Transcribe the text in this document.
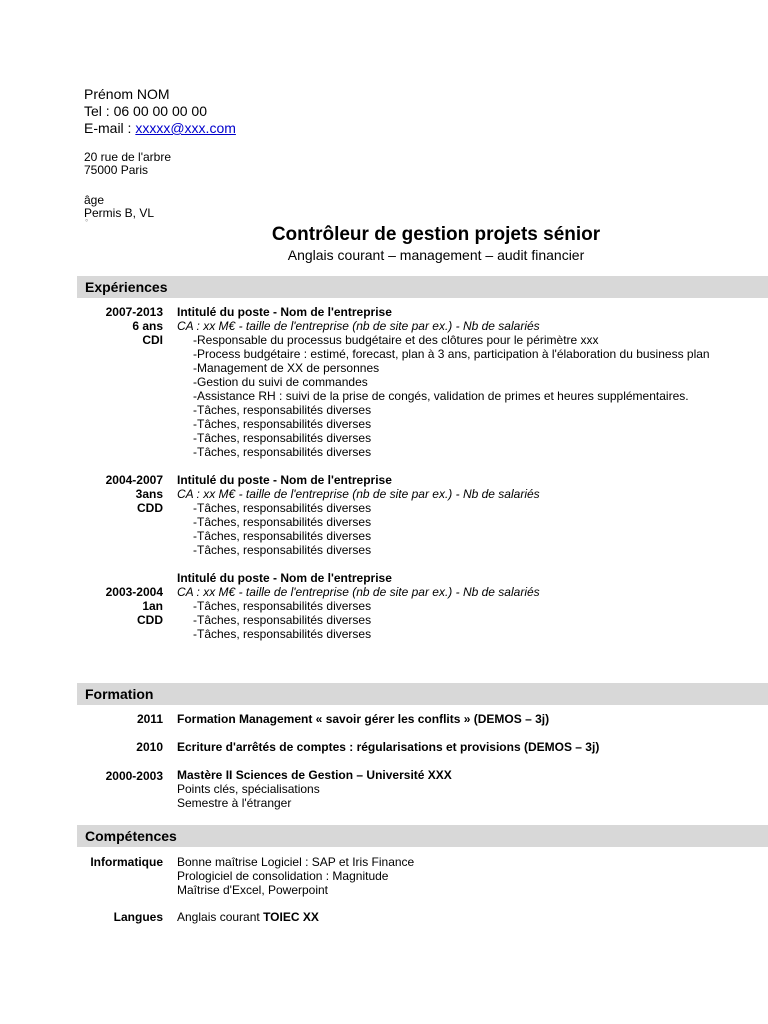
Prénom NOM
Tel : 06 00 00 00 00
E-mail : xxxxx@xxx.com
20 rue de l'arbre
75000 Paris
âge
Permis B, VL
°
Contrôleur de gestion projets sénior
Anglais courant – management – audit financier
Expériences
2007-2013
6 ans
CDI
Intitulé du poste - Nom de l'entreprise
CA : xx M€ - taille de l'entreprise (nb de site par ex.) - Nb de salariés
-Responsable du processus budgétaire et des clôtures pour le périmètre xxx
-Process budgétaire : estimé, forecast, plan à 3 ans, participation à l'élaboration du business plan
-Management de XX de personnes
-Gestion du suivi de commandes
-Assistance RH : suivi de la prise de congés, validation de primes et heures supplémentaires.
-Tâches, responsabilités diverses
-Tâches, responsabilités diverses
-Tâches, responsabilités diverses
-Tâches, responsabilités diverses
2004-2007
3ans
CDD
Intitulé du poste - Nom de l'entreprise
CA : xx M€ - taille de l'entreprise (nb de site par ex.) - Nb de salariés
-Tâches, responsabilités diverses
-Tâches, responsabilités diverses
-Tâches, responsabilités diverses
-Tâches, responsabilités diverses
2003-2004
1an
CDD
Intitulé du poste - Nom de l'entreprise
CA : xx M€ - taille de l'entreprise (nb de site par ex.) - Nb de salariés
-Tâches, responsabilités diverses
-Tâches, responsabilités diverses
-Tâches, responsabilités diverses
Formation
2011 Formation Management « savoir gérer les conflits » (DEMOS – 3j)
2010 Ecriture d'arrêtés de comptes : régularisations et provisions (DEMOS – 3j)
2000-2003 Mastère II Sciences de Gestion – Université XXX
Points clés, spécialisations
Semestre à l'étranger
Compétences
Informatique Bonne maîtrise Logiciel : SAP et Iris Finance
Prologiciel de consolidation : Magnitude
Maîtrise d'Excel, Powerpoint
Langues Anglais courant TOIEC XX
